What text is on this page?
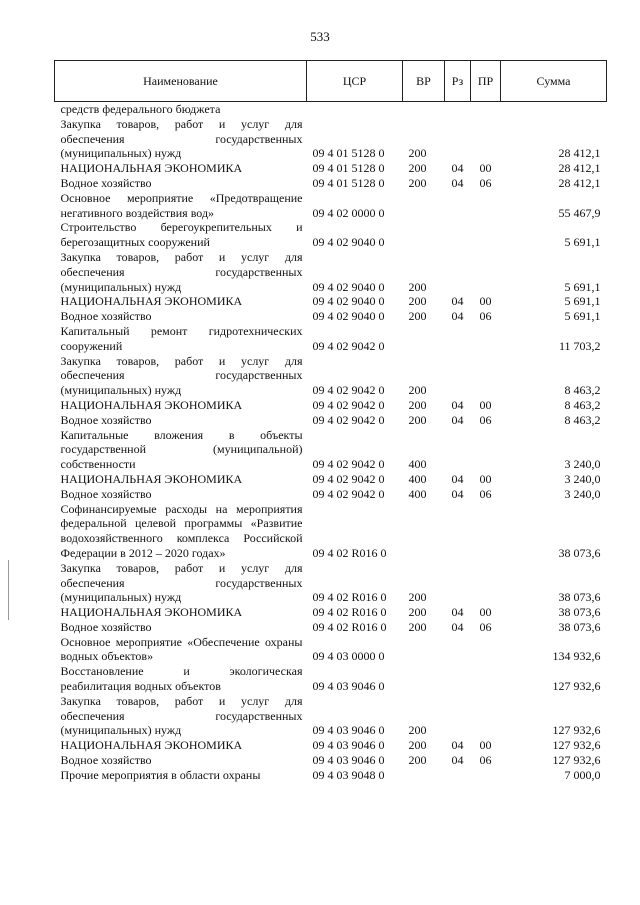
533
Наименование	ЦСР	ВР	Рз	ПР	Сумма
средств федерального бюджета					
Закупка товаров, работ и услуг для обеспечения государственных (муниципальных) нужд	09 4 01 5128 0	200			28 412,1
НАЦИОНАЛЬНАЯ ЭКОНОМИКА	09 4 01 5128 0	200	04	00	28 412,1
Водное хозяйство	09 4 01 5128 0	200	04	06	28 412,1
Основное мероприятие «Предотвращение негативного воздействия вод»	09 4 02 0000 0				55 467,9
Строительство берегоукрепительных и берегозащитных сооружений	09 4 02 9040 0				5 691,1
Закупка товаров, работ и услуг для обеспечения государственных (муниципальных) нужд	09 4 02 9040 0	200			5 691,1
НАЦИОНАЛЬНАЯ ЭКОНОМИКА	09 4 02 9040 0	200	04	00	5 691,1
Водное хозяйство	09 4 02 9040 0	200	04	06	5 691,1
Капитальный ремонт гидротехнических сооружений	09 4 02 9042 0				11 703,2
Закупка товаров, работ и услуг для обеспечения государственных (муниципальных) нужд	09 4 02 9042 0	200			8 463,2
НАЦИОНАЛЬНАЯ ЭКОНОМИКА	09 4 02 9042 0	200	04	00	8 463,2
Водное хозяйство	09 4 02 9042 0	200	04	06	8 463,2
Капитальные вложения в объекты государственной (муниципальной) собственности	09 4 02 9042 0	400			3 240,0
НАЦИОНАЛЬНАЯ ЭКОНОМИКА	09 4 02 9042 0	400	04	00	3 240,0
Водное хозяйство	09 4 02 9042 0	400	04	06	3 240,0
Софинансируемые расходы на мероприятия федеральной целевой программы «Развитие водохозяйственного комплекса Российской Федерации в 2012 – 2020 годах»	09 4 02 R016 0				38 073,6
Закупка товаров, работ и услуг для обеспечения государственных (муниципальных) нужд	09 4 02 R016 0	200			38 073,6
НАЦИОНАЛЬНАЯ ЭКОНОМИКА	09 4 02 R016 0	200	04	00	38 073,6
Водное хозяйство	09 4 02 R016 0	200	04	06	38 073,6
Основное мероприятие «Обеспечение охраны водных объектов»	09 4 03 0000 0				134 932,6
Восстановление и экологическая реабилитация водных объектов	09 4 03 9046 0				127 932,6
Закупка товаров, работ и услуг для обеспечения государственных (муниципальных) нужд	09 4 03 9046 0	200			127 932,6
НАЦИОНАЛЬНАЯ ЭКОНОМИКА	09 4 03 9046 0	200	04	00	127 932,6
Водное хозяйство	09 4 03 9046 0	200	04	06	127 932,6
Прочие мероприятия в области охраны	09 4 03 9048 0				7 000,0
